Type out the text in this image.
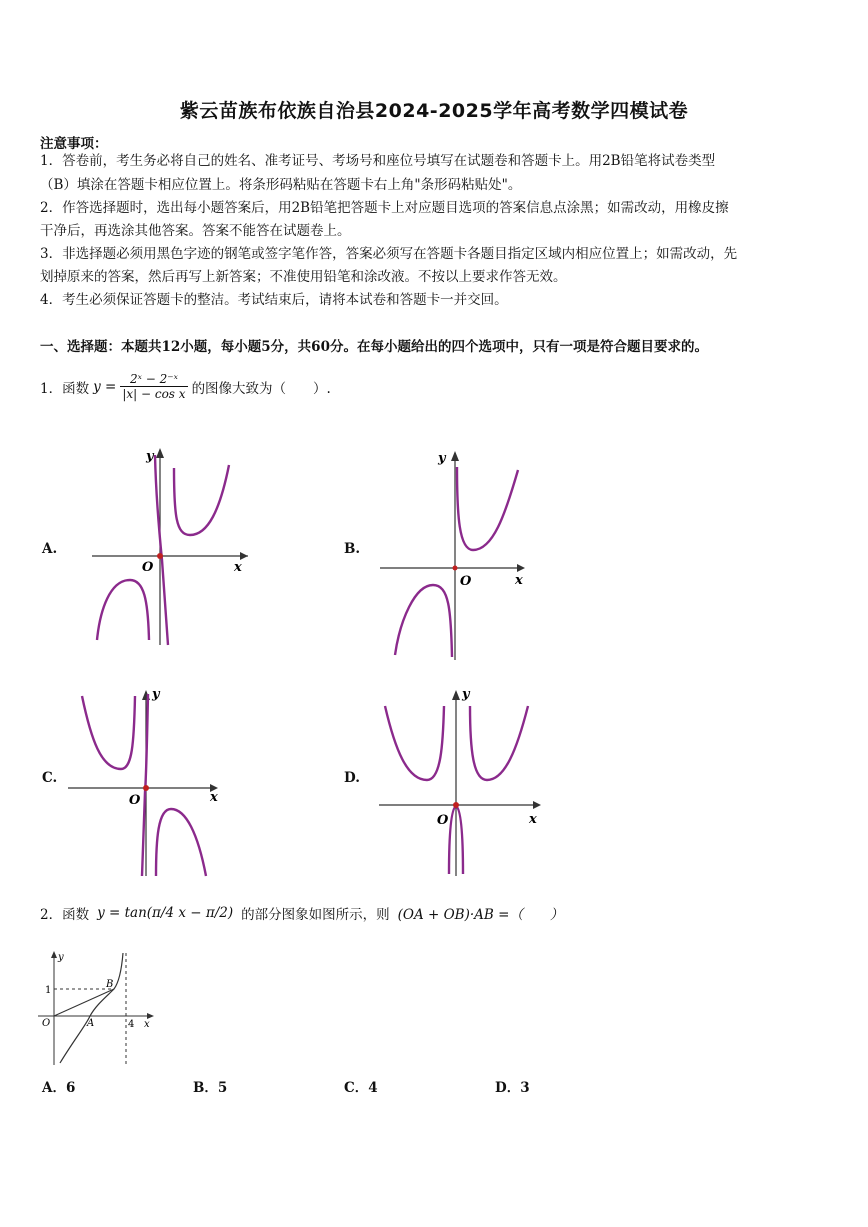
紫云苗族布依族自治县2024-2025学年高考数学四模试卷
注意事项：
1．答卷前，考生务必将自己的姓名、准考证号、考场号和座位号填写在试题卷和答题卡上。用2B铅笔将试卷类型
（B）填涂在答题卡相应位置上。将条形码粘贴在答题卡右上角"条形码粘贴处"。
2．作答选择题时，选出每小题答案后，用2B铅笔把答题卡上对应题目选项的答案信息点涂黑；如需改动，用橡皮擦
干净后，再选涂其他答案。答案不能答在试题卷上。
3．非选择题必须用黑色字迹的钢笔或签字笔作答，答案必须写在答题卡各题目指定区域内相应位置上；如需改动，先
划掉原来的答案，然后再写上新答案；不准使用铅笔和涂改液。不按以上要求作答无效。
4．考生必须保证答题卡的整洁。考试结束后，请将本试卷和答题卡一并交回。
一、选择题：本题共12小题，每小题5分，共60分。在每小题给出的四个选项中，只有一项是符合题目要求的。
1．函数 $y = \frac{\text{2ˣ − 2⁻ˣ}}{\text{|x| − cos x}}$ 的图像大致为（　　）.
A.	B.
C.	D.
O	x
y
O	x
y
O	x
y
O	x
y
2．函数 y = tan(π/4 x − π/2) 的部分图象如图所示，则 (OA + OB)·AB =（　　）
y
x
O
1
4
A
B
A．6	B．5	C．4	D．3
